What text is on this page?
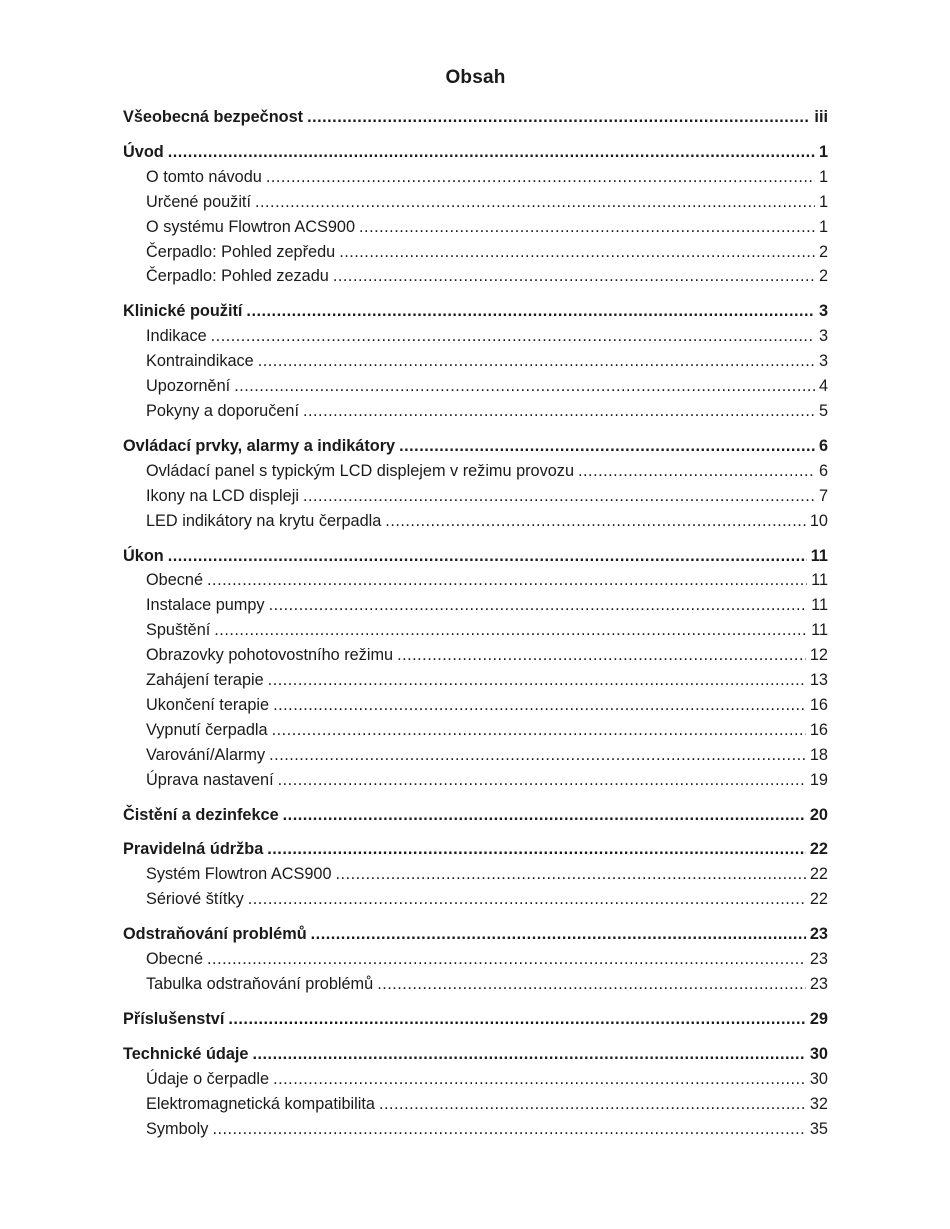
Obsah
Všeobecná bezpečnost .....	iii
Úvod .....	1
O tomto návodu .....	1
Určené použití .....	1
O systému Flowtron ACS900 .....	1
Čerpadlo: Pohled zepředu .....	2
Čerpadlo: Pohled zezadu .....	2
Klinické použití .....	3
Indikace .....	3
Kontraindikace .....	3
Upozornění .....	4
Pokyny a doporučení .....	5
Ovládací prvky, alarmy a indikátory .....	6
Ovládací panel s typickým LCD displejem v režimu provozu .....	6
Ikony na LCD displeji .....	7
LED indikátory na krytu čerpadla .....	10
Úkon .....	11
Obecné .....	11
Instalace pumpy .....	11
Spuštění .....	11
Obrazovky pohotovostního režimu .....	12
Zahájení terapie .....	13
Ukončení terapie .....	16
Vypnutí čerpadla .....	16
Varování/Alarmy .....	18
Úprava nastavení .....	19
Čistění a dezinfekce .....	20
Pravidelná údržba .....	22
Systém Flowtron ACS900 .....	22
Sériové štítky .....	22
Odstraňování problémů .....	23
Obecné .....	23
Tabulka odstraňování problémů .....	23
Příslušenství .....	29
Technické údaje .....	30
Údaje o čerpadle .....	30
Elektromagnetická kompatibilita .....	32
Symboly .....	35
